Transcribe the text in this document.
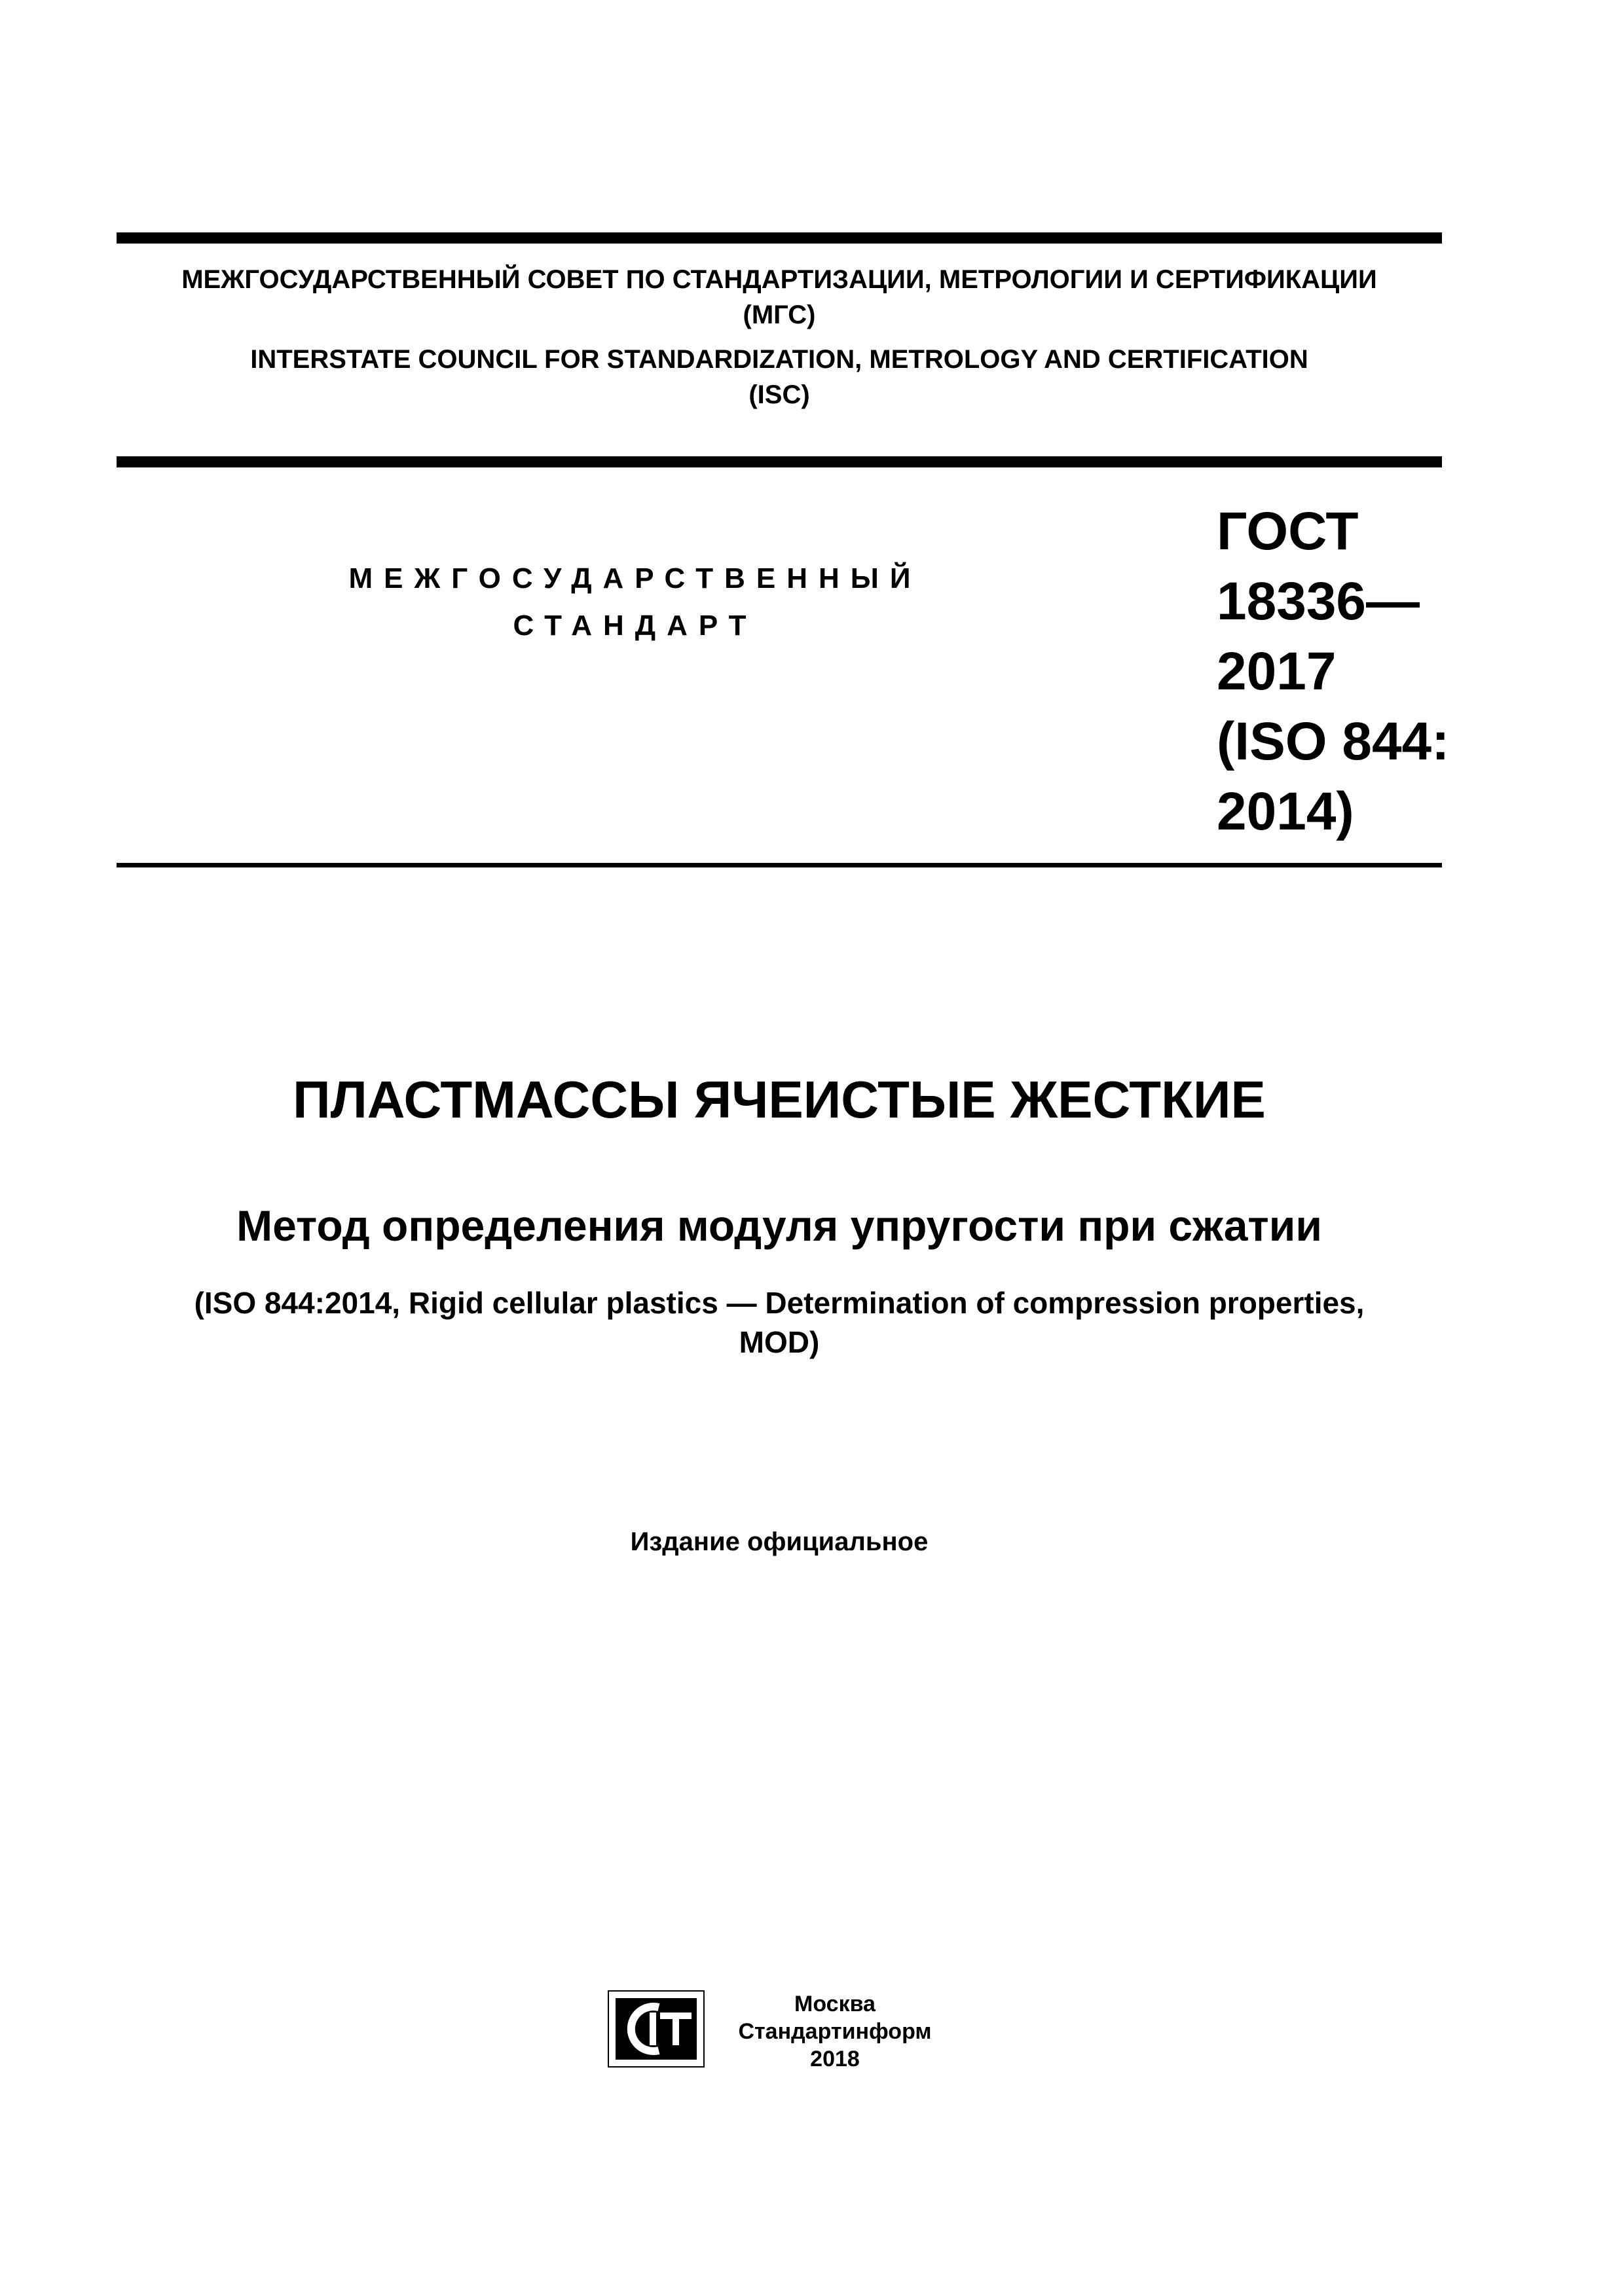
МЕЖГОСУДАРСТВЕННЫЙ СОВЕТ ПО СТАНДАРТИЗАЦИИ, МЕТРОЛОГИИ И СЕРТИФИКАЦИИ
(МГС)
INTERSTATE COUNCIL FOR STANDARDIZATION, METROLOGY AND CERTIFICATION
(ISC)
МЕЖГОСУДАРСТВЕННЫЙ
СТАНДАРТ
ГОСТ
18336—
2017
(ISO 844:
2014)
ПЛАСТМАССЫ ЯЧЕИСТЫЕ ЖЕСТКИЕ
Метод определения модуля упругости при сжатии
(ISO 844:2014, Rigid cellular plastics — Determination of compression properties,
MOD)
Издание официальное
Москва
Стандартинформ
2018
